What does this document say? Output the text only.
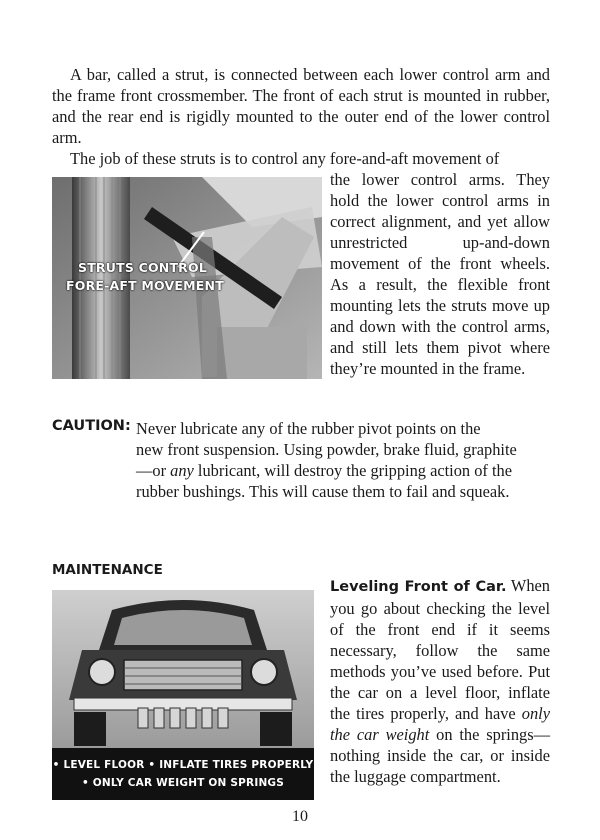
A bar, called a strut, is connected between each lower control arm and the frame front crossmember. The front of each strut is mounted in rubber, and the rear end is rigidly mounted to the outer end of the lower control arm.

The job of these struts is to control any fore-and-aft movement of

STRUTS CONTROL
FORE-AFT MOVEMENT

the lower control arms. They hold the lower control arms in correct alignment, and yet allow unrestricted up-and-down movement of the front wheels. As a result, the flexible front mounting lets the struts move up and down with the control arms, and still lets them pivot where they’re mounted in the frame.

CAUTION: Never lubricate any of the rubber pivot points on the
new front suspension. Using powder, brake fluid, graphite
—or any lubricant, will destroy the gripping action of the
rubber bushings. This will cause them to fail and squeak.

MAINTENANCE
• LEVEL FLOOR • INFLATE TIRES PROPERLY
• ONLY CAR WEIGHT ON SPRINGS

Leveling Front of Car. When you go about checking the level of the front end if it seems necessary, follow the same methods you’ve used before. Put the car on a level floor, inflate the tires properly, and have only the car weight on the springs—nothing inside the car, or inside the luggage compartment.

10
